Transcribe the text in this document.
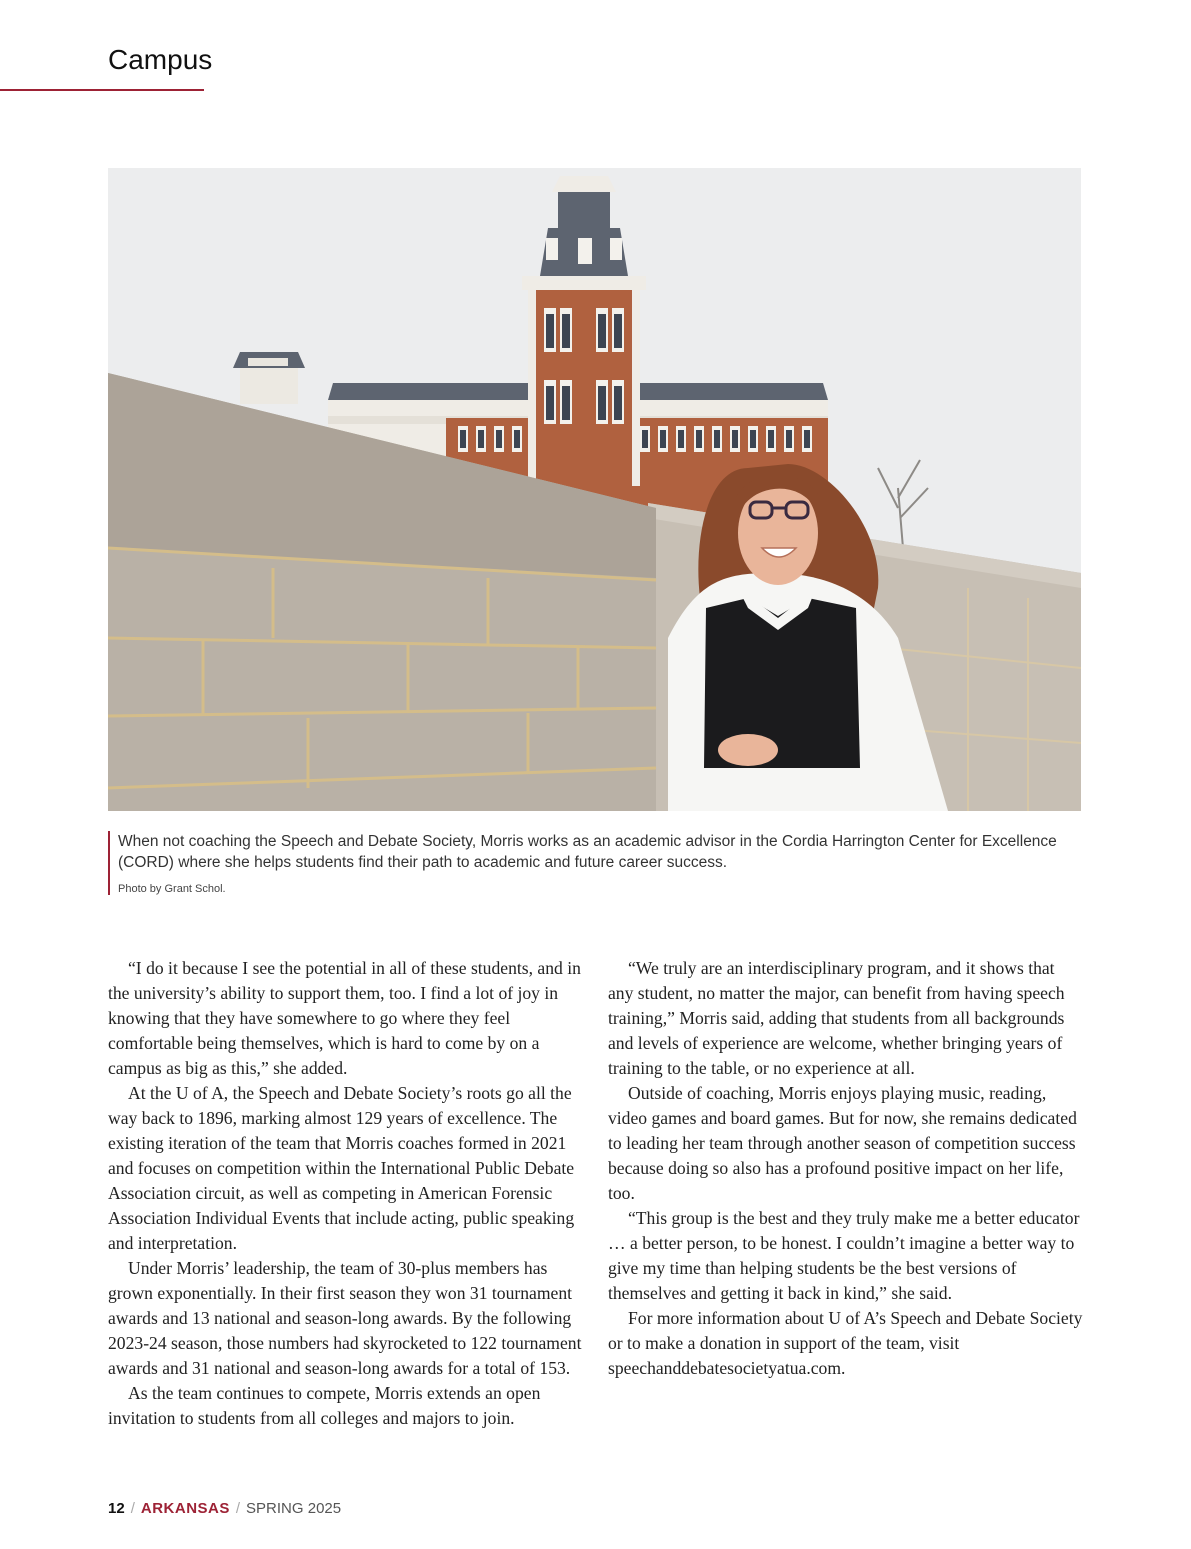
Campus

When not coaching the Speech and Debate Society, Morris works as an academic advisor in the Cordia Harrington Center for Excellence (CORD) where she helps students find their path to academic and future career success.

Photo by Grant Schol.

“I do it because I see the potential in all of these students, and in the university’s ability to support them, too. I find a lot of joy in knowing that they have somewhere to go where they feel comfortable being themselves, which is hard to come by on a campus as big as this,” she added.

At the U of A, the Speech and Debate Society’s roots go all the way back to 1896, marking almost 129 years of excellence. The existing iteration of the team that Morris coaches formed in 2021 and focuses on competition within the International Public Debate Association circuit, as well as competing in American Forensic Association Individual Events that include acting, public speaking and interpretation.

Under Morris’ leadership, the team of 30-plus members has grown exponentially. In their first season they won 31 tournament awards and 13 national and season-long awards. By the following 2023-24 season, those numbers had skyrocketed to 122 tournament awards and 31 national and season-long awards for a total of 153.

As the team continues to compete, Morris extends an open invitation to students from all colleges and majors to join.

“We truly are an interdisciplinary program, and it shows that any student, no matter the major, can benefit from having speech training,” Morris said, adding that students from all backgrounds and levels of experience are welcome, whether bringing years of training to the table, or no experience at all.

Outside of coaching, Morris enjoys playing music, reading, video games and board games. But for now, she remains dedicated to leading her team through another season of competition success because doing so also has a profound positive impact on her life, too.

“This group is the best and they truly make me a better educator … a better person, to be honest. I couldn’t imagine a better way to give my time than helping students be the best versions of themselves and getting it back in kind,” she said.

For more information about U of A’s Speech and Debate Society or to make a donation in support of the team, visit speechanddebatesocietyatua.com.

12 / ARKANSAS / SPRING 2025
